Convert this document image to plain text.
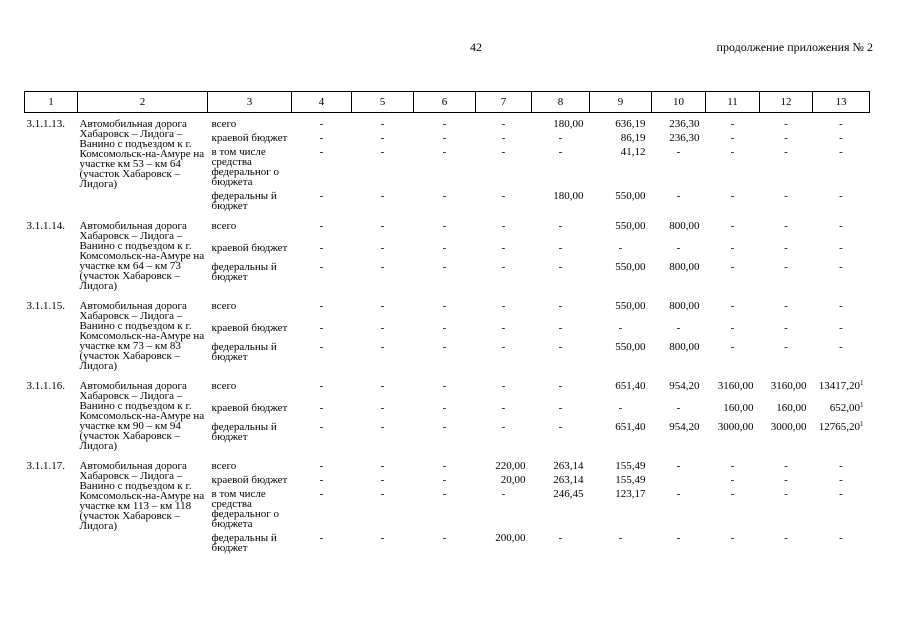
42	продолжение приложения № 2
1	2	3	4	5	6	7	8	9	10	11	12	13
3.1.1.13.	Автомобильная дорога Хабаровск – Лидога – Ванино с подъездом к г. Комсомольск-на-Амуре на участке км 53 – км 64 (участок Хабаровск – Лидога)	всего	-	-	-	-	180,00	636,19	236,30	-	-	-
		краевой бюджет	-	-	-	-	-	86,19	236,30	-	-	-
		в том числе средства федеральног о бюджета	-	-	-	-	-	41,12	-	-	-	-
		федеральны й бюджет	-	-	-	-	180,00	550,00	-	-	-	-
3.1.1.14.	Автомобильная дорога Хабаровск – Лидога – Ванино с подъездом к г. Комсомольск-на-Амуре на участке км 64 – км 73 (участок Хабаровск – Лидога)	всего	-	-	-	-	-	550,00	800,00	-	-	-
		краевой бюджет	-	-	-	-	-	-	-	-	-	-
		федеральны й бюджет	-	-	-	-	-	550,00	800,00	-	-	-
3.1.1.15.	Автомобильная дорога Хабаровск – Лидога – Ванино с подъездом к г. Комсомольск-на-Амуре на участке км 73 – км 83 (участок Хабаровск – Лидога)	всего	-	-	-	-	-	550,00	800,00	-	-	-
		краевой бюджет	-	-	-	-	-	-	-	-	-	-
		федеральны й бюджет	-	-	-	-	-	550,00	800,00	-	-	-
3.1.1.16.	Автомобильная дорога Хабаровск – Лидога – Ванино с подъездом к г. Комсомольск-на-Амуре на участке км 90 – км 94 (участок Хабаровск – Лидога)	всего	-	-	-	-	-	651,40	954,20	3160,00	3160,00	13417,20$^1$
		краевой бюджет	-	-	-	-	-	-	-	160,00	160,00	652,00$^1$
		федеральны й бюджет	-	-	-	-	-	651,40	954,20	3000,00	3000,00	12765,20$^1$
3.1.1.17.	Автомобильная дорога Хабаровск – Лидога – Ванино с подъездом к г. Комсомольск-на-Амуре на участке км 113 – км 118 (участок Хабаровск – Лидога)	всего	-	-	-	220,00	263,14	155,49	-	-	-	-
		краевой бюджет	-	-	-	20,00	263,14	155,49		-	-	-
		в том числе средства федеральног о бюджета	-	-	-	-	246,45	123,17	-	-	-	-
		федеральны й бюджет	-	-	-	200,00	-	-	-	-	-	-
